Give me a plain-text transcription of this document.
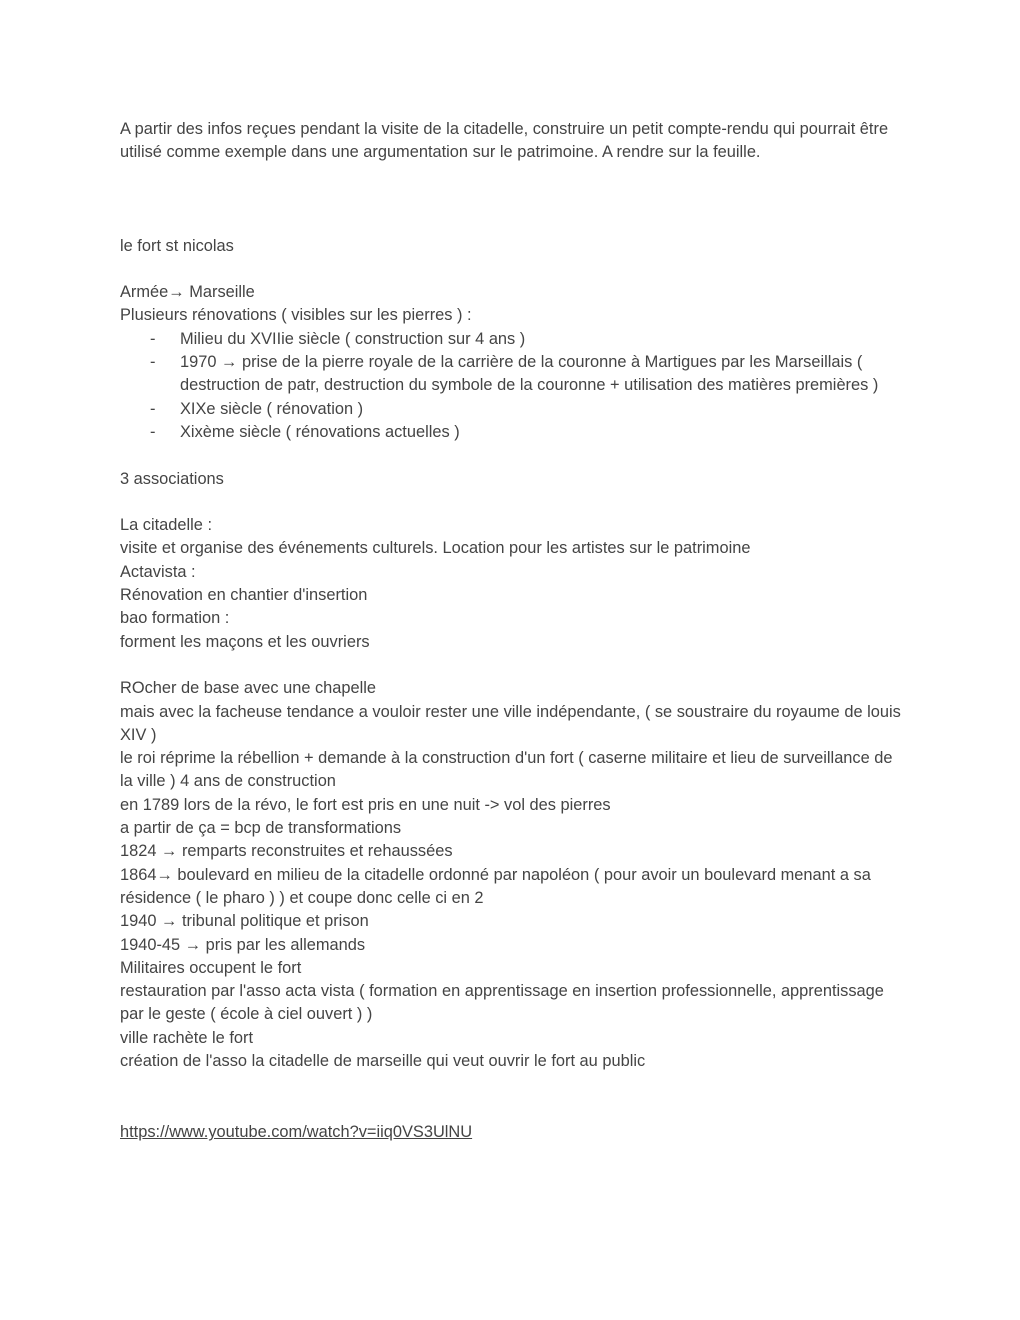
A partir des infos reçues pendant la visite de la citadelle, construire un petit compte-rendu qui pourrait être utilisé comme exemple dans une argumentation sur le patrimoine. A rendre sur la feuille.

le fort st nicolas

Armée→ Marseille

Plusieurs rénovations ( visibles sur les pierres ) :

- Milieu du XVIIie siècle ( construction sur 4 ans )
- 1970 → prise de la pierre royale de la carrière de la couronne à Martigues par les Marseillais ( destruction de patr, destruction du symbole de la couronne + utilisation des matières premières )
- XIXe siècle ( rénovation )
- Xixème siècle ( rénovations actuelles )

3 associations

La citadelle :

visite et organise des événements culturels. Location pour les artistes sur le patrimoine

Actavista :

Rénovation en chantier d'insertion

bao formation :

forment les maçons et les ouvriers

ROcher de base avec une chapelle

mais avec la facheuse tendance a vouloir rester une ville indépendante, ( se soustraire du royaume de louis XIV )

le roi réprime la rébellion + demande à la construction d'un fort ( caserne militaire et lieu de surveillance de la ville ) 4 ans de construction

en 1789 lors de la révo, le fort est pris en une nuit -> vol des pierres

a partir de ça = bcp de transformations

1824 → remparts reconstruites et rehaussées

1864→ boulevard en milieu de la citadelle ordonné par napoléon ( pour avoir un boulevard menant a sa résidence ( le pharo ) ) et coupe donc celle ci en 2

1940 → tribunal politique et prison

1940-45 → pris par les allemands

Militaires occupent le fort

restauration par l'asso acta vista ( formation en apprentissage en insertion professionnelle, apprentissage par le geste ( école à ciel ouvert ) )

ville rachète le fort

création de l'asso la citadelle de marseille qui veut ouvrir le fort au public

https://www.youtube.com/watch?v=iiq0VS3UlNU
